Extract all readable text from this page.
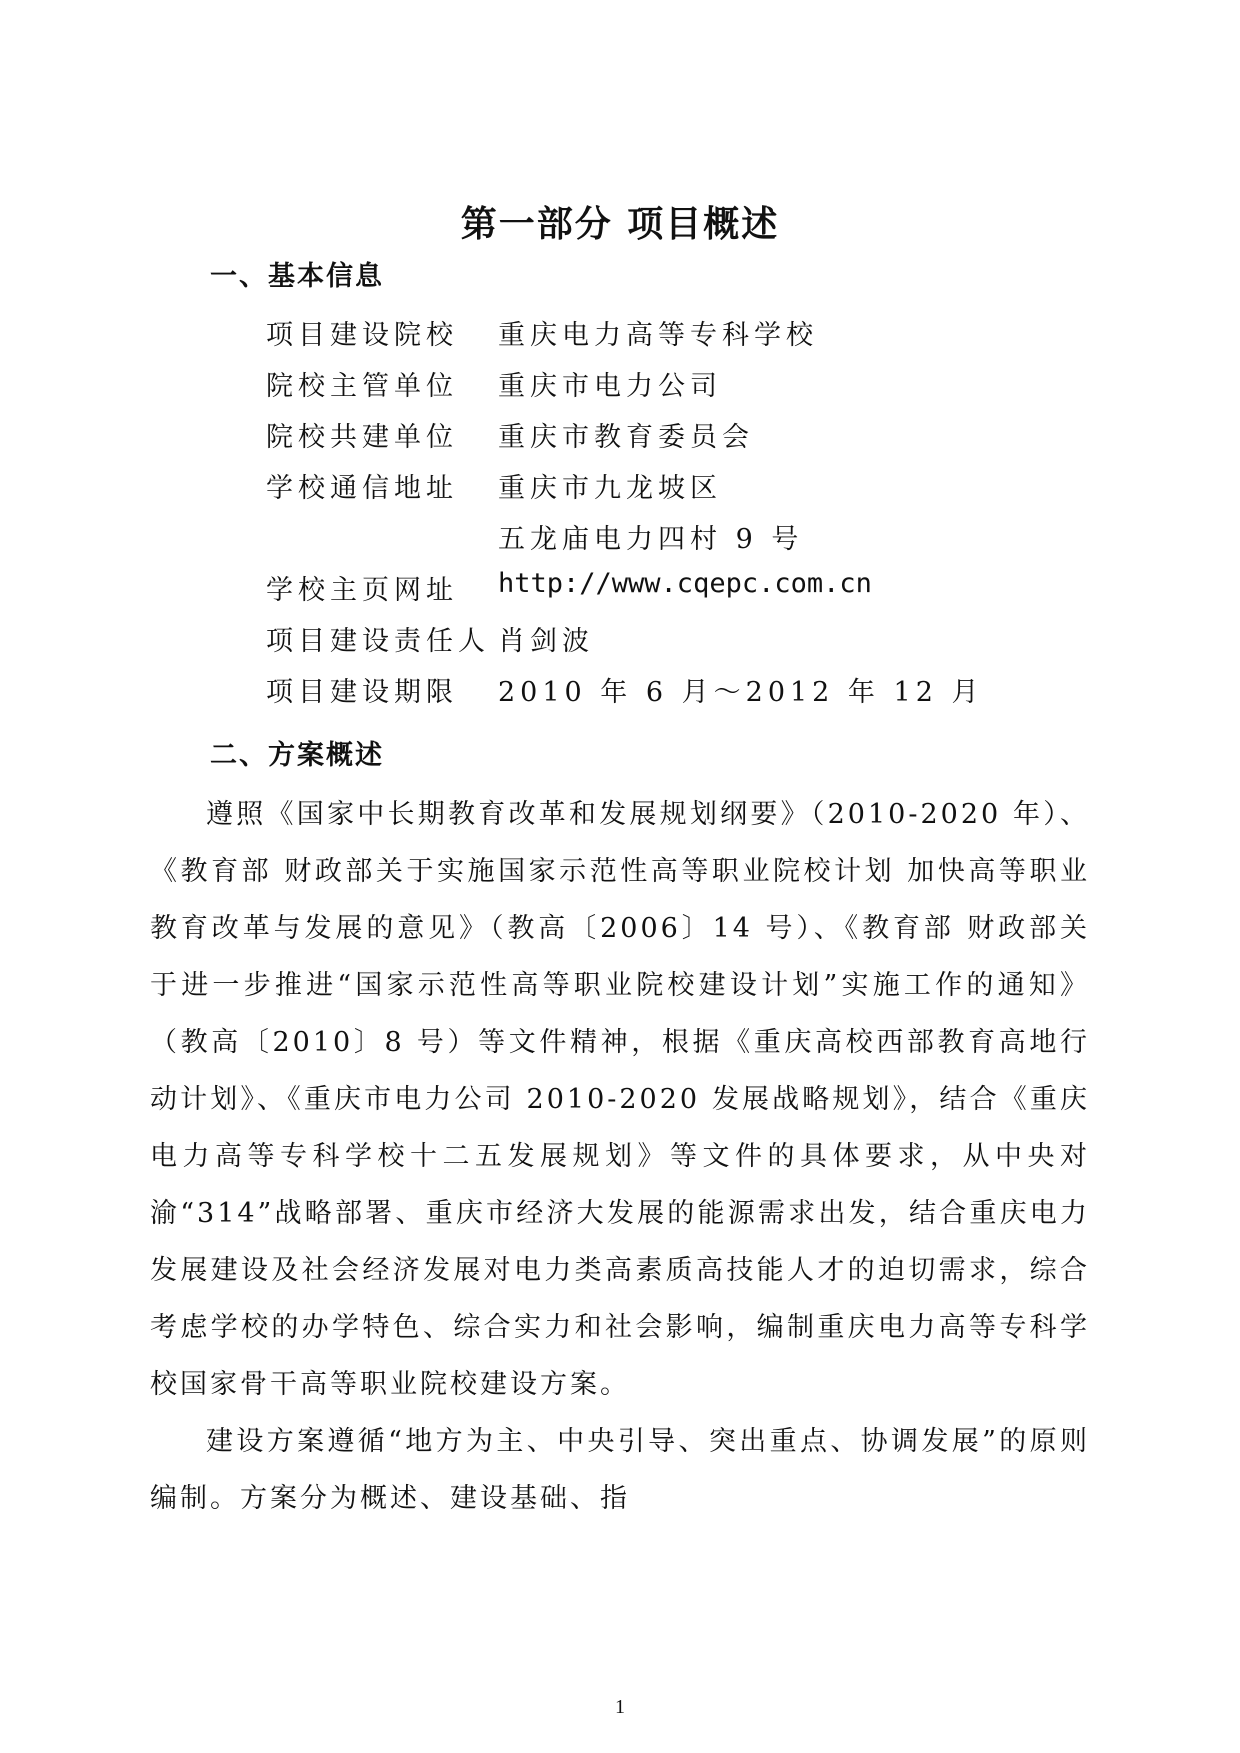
第一部分 项目概述
一、基本信息
项目建设院校 重庆电力高等专科学校
院校主管单位 重庆市电力公司
院校共建单位 重庆市教育委员会
学校通信地址 重庆市九龙坡区
五龙庙电力四村 9 号
学校主页网址 http://www.cqepc.com.cn
项目建设责任人 肖剑波
项目建设期限 2010 年 6 月～2012 年 12 月
二、方案概述

遵照《国家中长期教育改革和发展规划纲要》（2010-2020 年）、《教育部 财政部关于实施国家示范性高等职业院校计划 加快高等职业教育改革与发展的意见》（教高〔2006〕14 号）、《教育部 财政部关于进一步推进“国家示范性高等职业院校建设计划”实施工作的通知》（教高〔2010〕8 号）等文件精神，根据《重庆高校西部教育高地行动计划》、《重庆市电力公司 2010-2020 发展战略规划》，结合《重庆电力高等专科学校十二五发展规划》等文件的具体要求，从中央对渝“314”战略部署、重庆市经济大发展的能源需求出发，结合重庆电力发展建设及社会经济发展对电力类高素质高技能人才的迫切需求，综合考虑学校的办学特色、综合实力和社会影响，编制重庆电力高等专科学校国家骨干高等职业院校建设方案。

建设方案遵循“地方为主、中央引导、突出重点、协调发展”的原则编制。方案分为概述、建设基础、指

1
